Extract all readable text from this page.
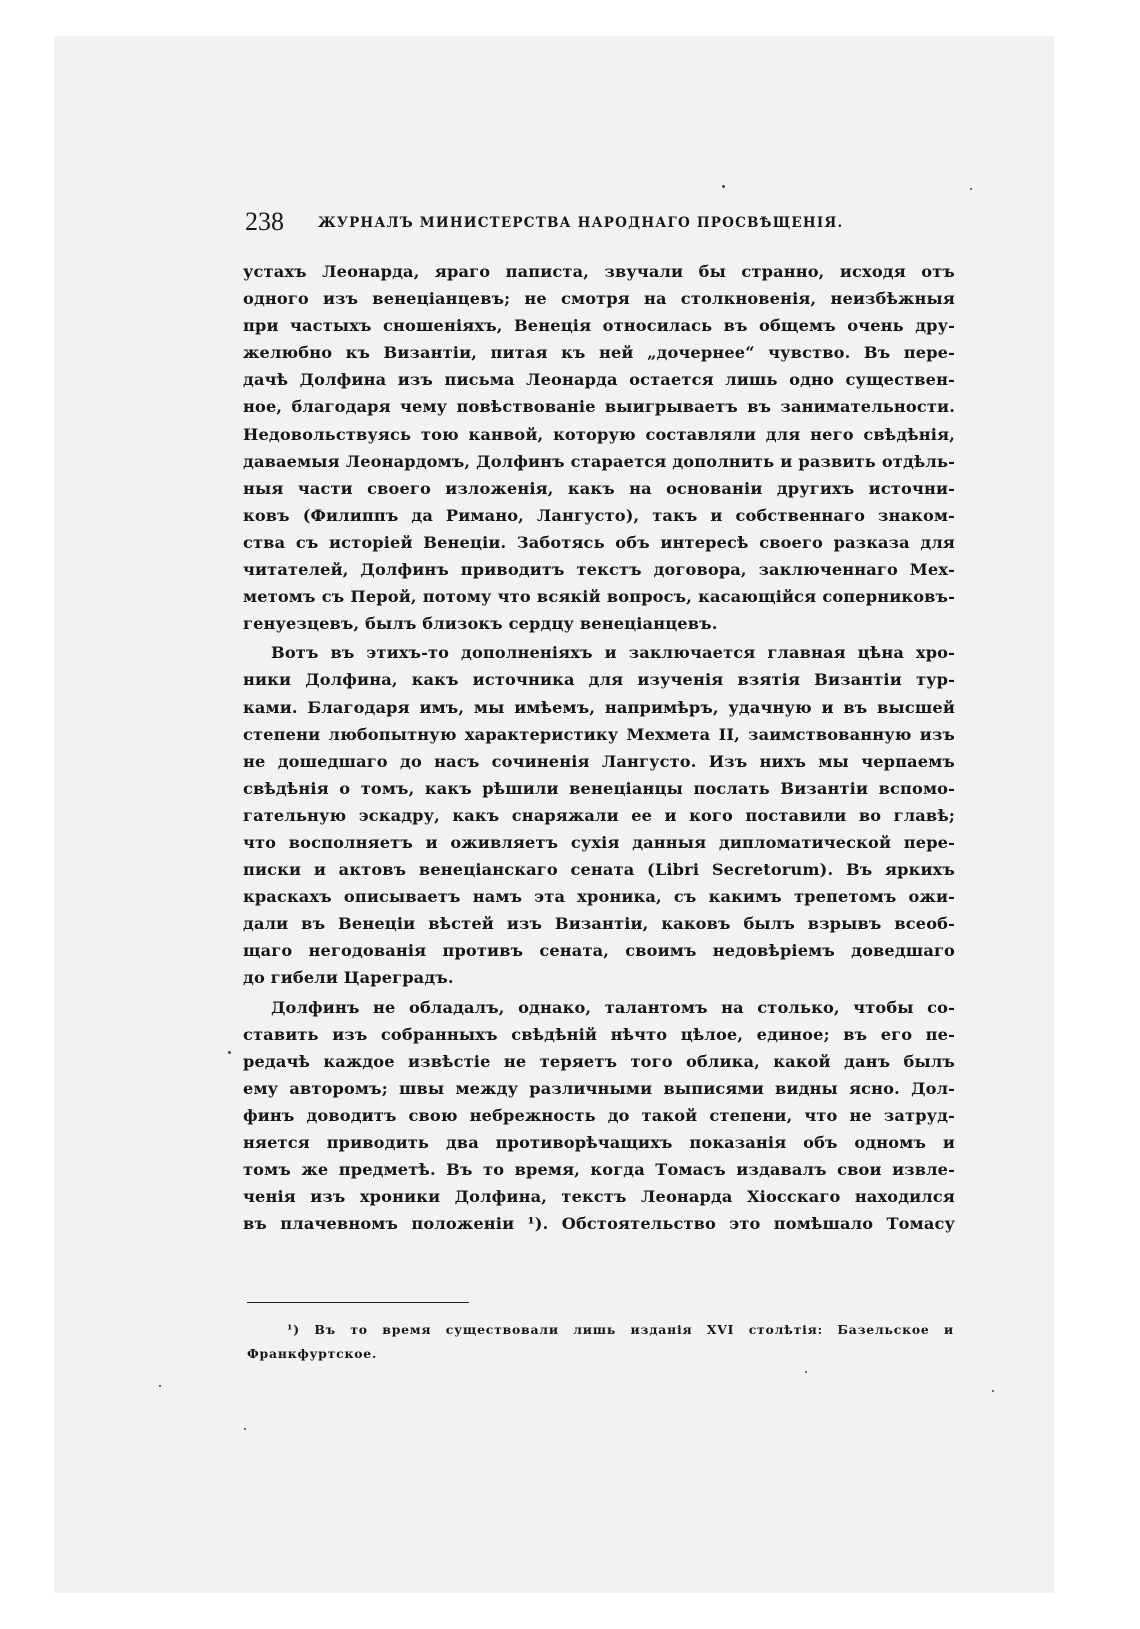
238	ЖУРНАЛЪ МИНИСТЕРСТВА НАРОДНАГО ПРОСВѢЩЕНІЯ.
устахъ Леонарда, яраго паписта, звучали бы странно, исходя отъ
одного изъ венеціанцевъ; не смотря на столкновенія, неизбѣжныя
при частыхъ сношеніяхъ, Венеція относилась въ общемъ очень дру-
желюбно къ Византіи, питая къ ней „дочернее“ чувство. Въ пере-
дачѣ Долфина изъ письма Леонарда остается лишь одно существен-
ное, благодаря чему повѣствованіе выигрываетъ въ занимательности.
Недовольствуясь тою канвой, которую составляли для него свѣдѣнія,
даваемыя Леонардомъ, Долфинъ старается дополнить и развить отдѣль-
ныя части своего изложенія, какъ на основаніи другихъ источни-
ковъ (Филиппъ да Римано, Лангусто), такъ и собственнаго знаком-
ства съ исторіей Венеціи. Заботясь объ интересѣ своего разказа для
читателей, Долфинъ приводитъ текстъ договора, заключеннаго Мех-
метомъ съ Перой, потому что всякій вопросъ, касающійся соперниковъ-
генуезцевъ, былъ близокъ сердцу венеціанцевъ.
Вотъ въ этихъ-то дополненіяхъ и заключается главная цѣна хро-
ники Долфина, какъ источника для изученія взятія Византіи тур-
ками. Благодаря имъ, мы имѣемъ, напримѣръ, удачную и въ высшей
степени любопытную характеристику Мехмета II, заимствованную изъ
не дошедшаго до насъ сочиненія Лангусто. Изъ нихъ мы черпаемъ
свѣдѣнія о томъ, какъ рѣшили венеціанцы послать Византіи вспомо-
гательную эскадру, какъ снаряжали ее и кого поставили во главѣ;
что восполняетъ и оживляетъ сухія данныя дипломатической пере-
писки и актовъ венеціанскаго сената (Libri Secretorum). Въ яркихъ
краскахъ описываетъ намъ эта хроника, съ какимъ трепетомъ ожи-
дали въ Венеціи вѣстей изъ Византіи, каковъ былъ взрывъ всеоб-
щаго негодованія противъ сената, своимъ недовѣріемъ доведшаго
до гибели Цареградъ.
Долфинъ не обладалъ, однако, талантомъ на столько, чтобы со-
ставить изъ собранныхъ свѣдѣній нѣчто цѣлое, единое; въ его пе-
редачѣ каждое извѣстіе не теряетъ того облика, какой данъ былъ
ему авторомъ; швы между различными выписями видны ясно. Дол-
финъ доводитъ свою небрежность до такой степени, что не затруд-
няется приводить два противорѣчащихъ показанія объ одномъ и
томъ же предметѣ. Въ то время, когда Томасъ издавалъ свои извле-
ченія изъ хроники Долфина, текстъ Леонарда Хіосскаго находился
въ плачевномъ положеніи ¹). Обстоятельство это помѣшало Томасу
¹) Въ то время существовали лишь изданія XVI столѣтія: Базельское и
Франкфуртское.
